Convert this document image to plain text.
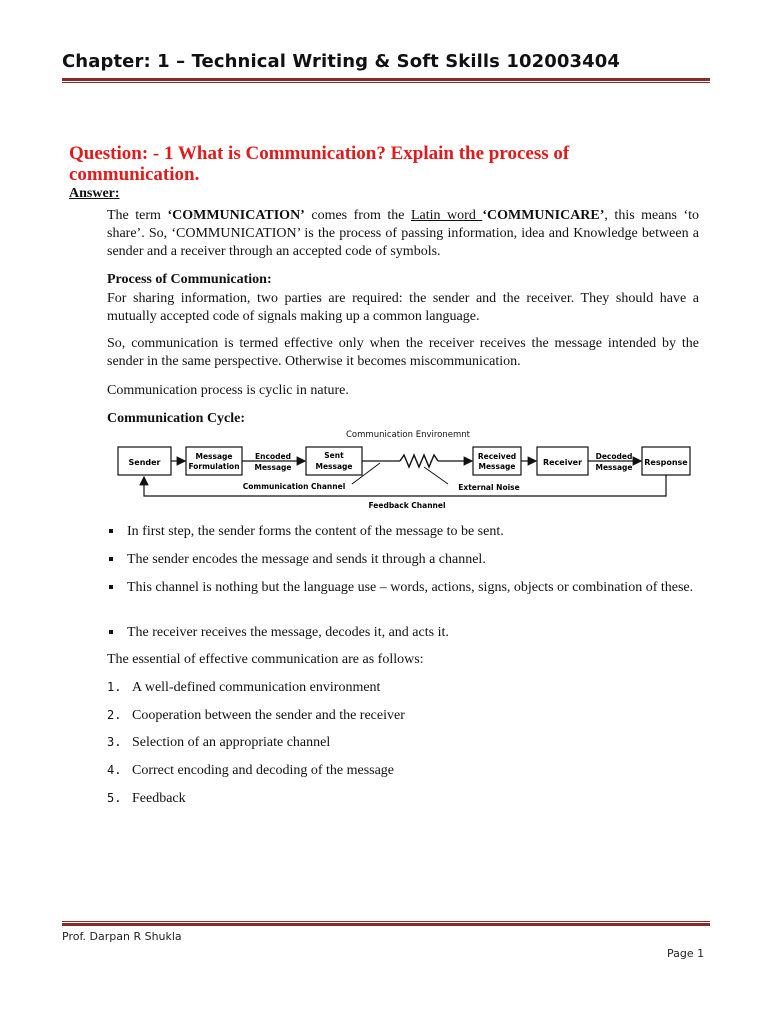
Chapter: 1 – Technical Writing & Soft Skills 102003404
Question: - 1 What is Communication? Explain the process of communication.
Answer:
The term ‘COMMUNICATION’ comes from the Latin word ‘COMMUNICARE’, this means ‘to share’. So, ‘COMMUNICATION’ is the process of passing information, idea and Knowledge between a sender and a receiver through an accepted code of symbols.
Process of Communication:
For sharing information, two parties are required: the sender and the receiver. They should have a mutually accepted code of signals making up a common language.
So, communication is termed effective only when the receiver receives the message intended by the sender in the same perspective. Otherwise it becomes miscommunication.
Communication process is cyclic in nature.
Communication Cycle:
Communication Environemnt
Sender
Message
Formulation
Sent
Message
Received
Message	Receiver	Response
Encoded
Message
Decoded
Message
Communication Channel	External Noise
Feedback Channel
In first step, the sender forms the content of the message to be sent.
The sender encodes the message and sends it through a channel.
This channel is nothing but the language use – words, actions, signs, objects or combination of these.
The receiver receives the message, decodes it, and acts it.
The essential of effective communication are as follows:
1. A well-defined communication environment
2. Cooperation between the sender and the receiver
3. Selection of an appropriate channel
4. Correct encoding and decoding of the message
5. Feedback
Prof. Darpan R Shukla
Page 1
